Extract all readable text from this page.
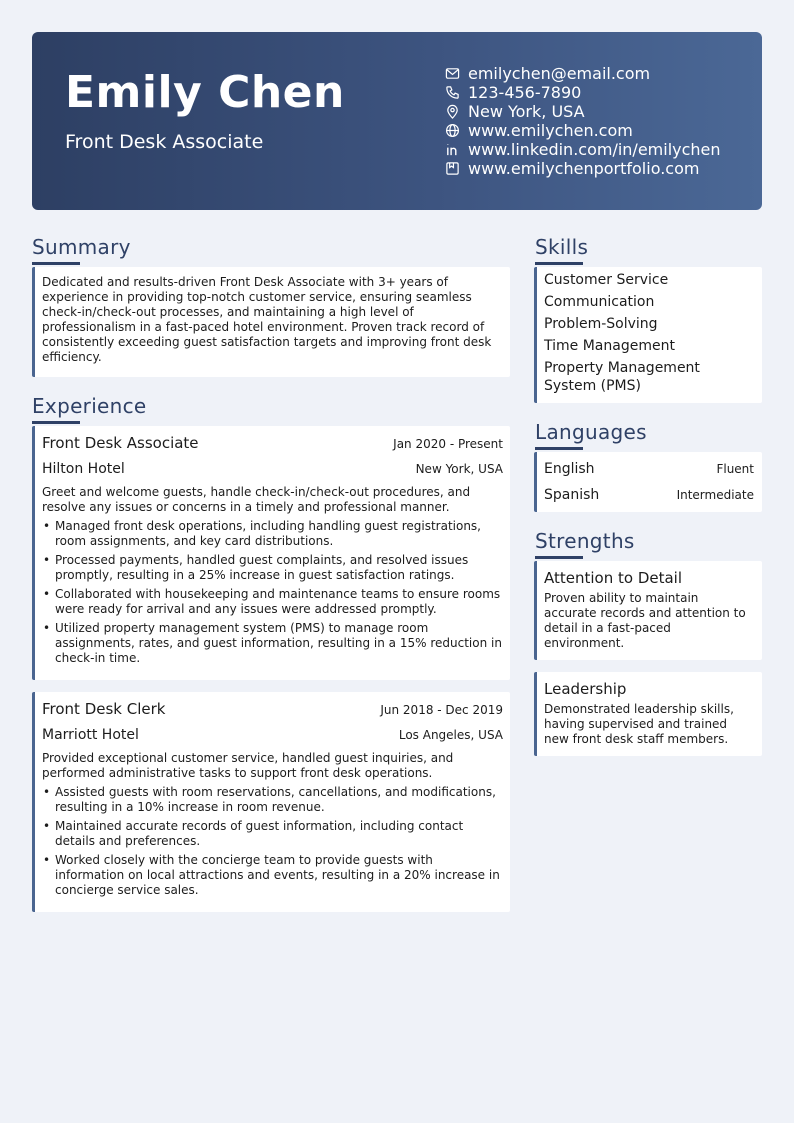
Emily Chen
Front Desk Associate
emilychen@email.com
123-456-7890
New York, USA
www.emilychen.com
www.linkedin.com/in/emilychen
www.emilychenportfolio.com
Summary
Dedicated and results-driven Front Desk Associate with 3+ years of experience in providing top-notch customer service, ensuring seamless check-in/check-out processes, and maintaining a high level of professionalism in a fast-paced hotel environment. Proven track record of consistently exceeding guest satisfaction targets and improving front desk efficiency.
Experience
Front Desk Associate	Jan 2020 - Present
Hilton Hotel	New York, USA
Greet and welcome guests, handle check-in/check-out procedures, and resolve any issues or concerns in a timely and professional manner.
• Managed front desk operations, including handling guest registrations, room assignments, and key card distributions.
• Processed payments, handled guest complaints, and resolved issues promptly, resulting in a 25% increase in guest satisfaction ratings.
• Collaborated with housekeeping and maintenance teams to ensure rooms were ready for arrival and any issues were addressed promptly.
• Utilized property management system (PMS) to manage room assignments, rates, and guest information, resulting in a 15% reduction in check-in time.
Front Desk Clerk	Jun 2018 - Dec 2019
Marriott Hotel	Los Angeles, USA
Provided exceptional customer service, handled guest inquiries, and performed administrative tasks to support front desk operations.
• Assisted guests with room reservations, cancellations, and modifications, resulting in a 10% increase in room revenue.
• Maintained accurate records of guest information, including contact details and preferences.
• Worked closely with the concierge team to provide guests with information on local attractions and events, resulting in a 20% increase in concierge service sales.
Skills
Customer Service
Communication
Problem-Solving
Time Management
Property Management System (PMS)
Languages
English	Fluent
Spanish	Intermediate
Strengths
Attention to Detail
Proven ability to maintain accurate records and attention to detail in a fast-paced environment.
Leadership
Demonstrated leadership skills, having supervised and trained new front desk staff members.
